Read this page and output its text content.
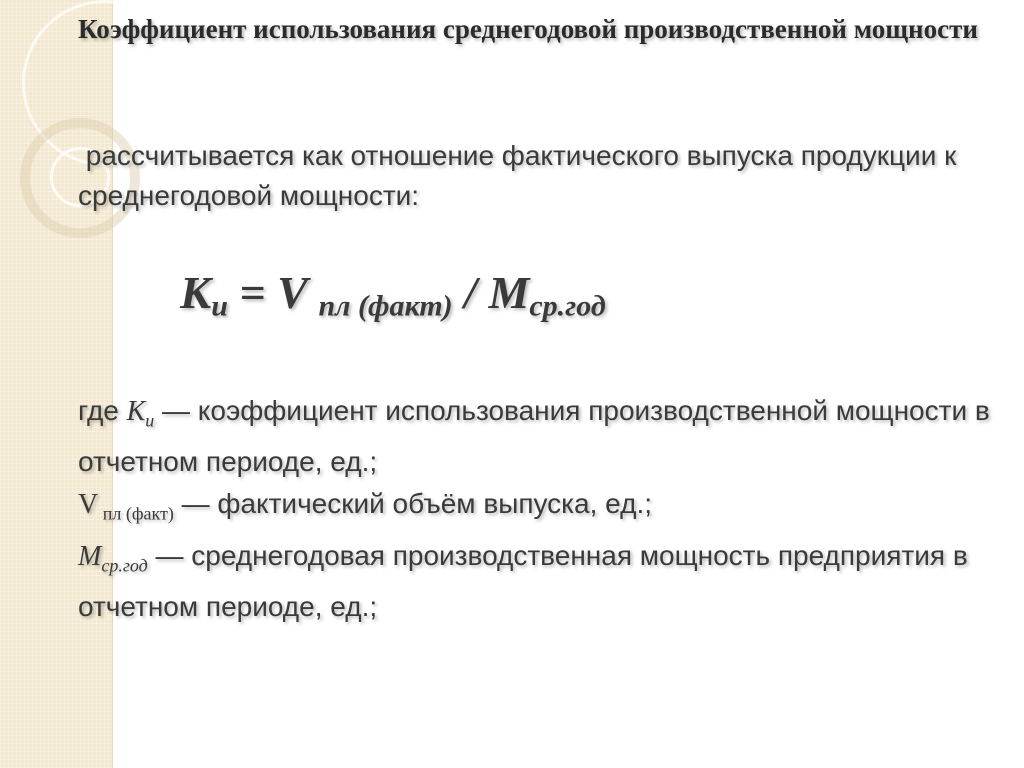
Коэффициент использования среднегодовой производственной мощности
рассчитывается как отношение фактического выпуска продукции к среднегодовой мощности:
Ки = V пл (факт) / Мср.год
где $К_и$ — коэффициент использования производственной мощности в отчетном периоде, ед.;
V $_{пл (факт)}$ — фактический объём выпуска, ед.;
$М_{ср.год}$ — среднегодовая производственная мощность предприятия в отчетном периоде, ед.;
